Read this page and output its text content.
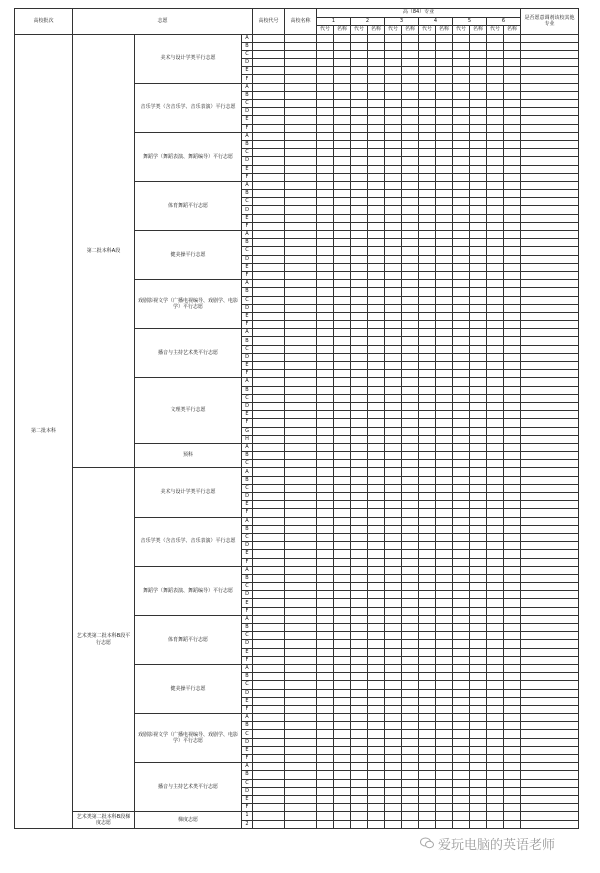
高校批次	志愿			高校代号	高校名称	高（84）专业												是否愿意调剂该校其他专业
						1		2		3		4		5		6		
						代号	名称	代号	名称	代号	名称	代号	名称	代号	名称	代号	名称	
第二批本科	第二批本科A段	美术与设计学类平行志愿	A															
			B															
			C															
			D															
			E															
			F															
		音乐学类（含音乐学、音乐表演）平行志愿	A															
			B															
			C															
			D															
			E															
			F															
		舞蹈学（舞蹈表演、舞蹈编导）平行志愿	A															
			B															
			C															
			D															
			E															
			F															
		体育舞蹈平行志愿	A															
			B															
			C															
			D															
			E															
			F															
		健美操平行志愿	A															
			B															
			C															
			D															
			E															
			F															
		戏剧影视文学（广播电视编导、戏剧学、电影学）平行志愿	A															
			B															
			C															
			D															
			E															
			F															
		播音与主持艺术类平行志愿	A															
			B															
			C															
			D															
			E															
			F															
		文理类平行志愿	A															
			B															
			C															
			D															
			E															
			F															
			G															
			H															
		预科	A															
			B															
			C															
	艺术类第二批本科B段平行志愿	美术与设计学类平行志愿	A															
			B															
			C															
			D															
			E															
			F															
		音乐学类（含音乐学、音乐表演）平行志愿	A															
			B															
			C															
			D															
			E															
			F															
		舞蹈学（舞蹈表演、舞蹈编导）平行志愿	A															
			B															
			C															
			D															
			E															
			F															
		体育舞蹈平行志愿	A															
			B															
			C															
			D															
			E															
			F															
		健美操平行志愿	A															
			B															
			C															
			D															
			E															
			F															
		戏剧影视文学（广播电视编导、戏剧学、电影学）平行志愿	A															
			B															
			C															
			D															
			E															
			F															
		播音与主持艺术类平行志愿	A															
			B															
			C															
			D															
			E															
			F															
	艺术类第二批本科B段梯度志愿	梯度志愿	1															
			2															
爱玩电脑的英语老师
